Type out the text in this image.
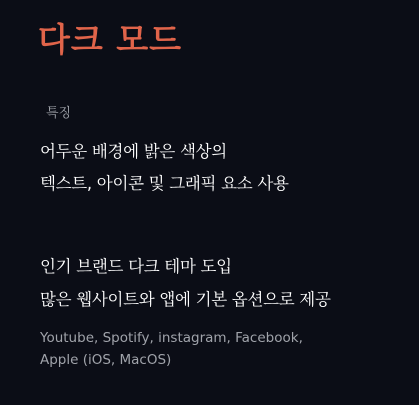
다크 모드
특징
어두운 배경에 밝은 색상의
텍스트, 아이콘 및 그래픽 요소 사용
인기 브랜드 다크 테마 도입
많은 웹사이트와 앱에 기본 옵션으로 제공
Youtube, Spotify, instagram, Facebook,
Apple (iOS, MacOS)
